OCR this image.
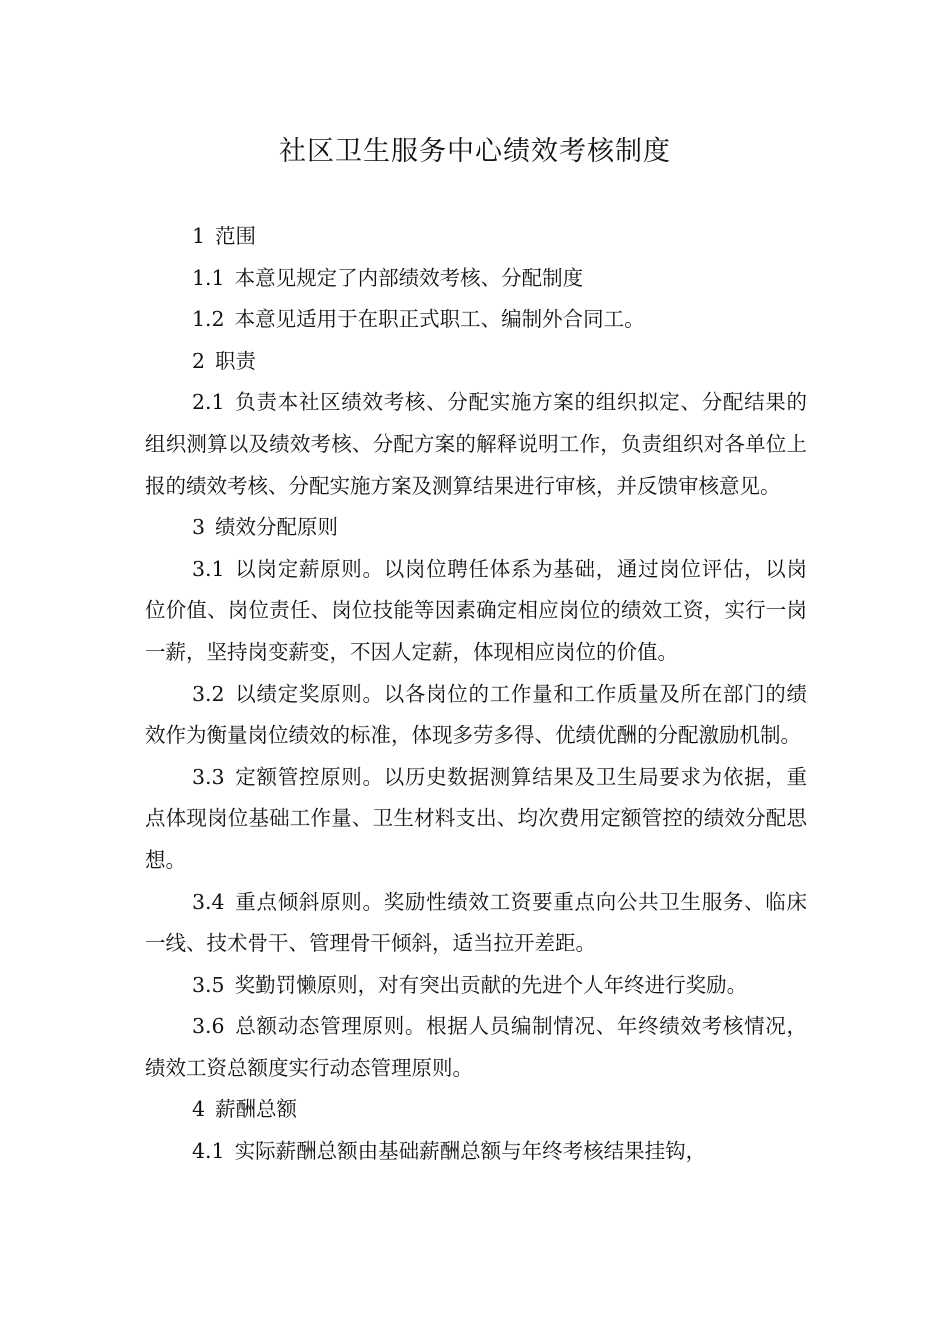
社区卫生服务中心绩效考核制度

1 范围

1.1 本意见规定了内部绩效考核、分配制度

1.2 本意见适用于在职正式职工、编制外合同工。

2 职责

2.1 负责本社区绩效考核、分配实施方案的组织拟定、分配结果的组织测算以及绩效考核、分配方案的解释说明工作，负责组织对各单位上报的绩效考核、分配实施方案及测算结果进行审核，并反馈审核意见。

3 绩效分配原则

3.1 以岗定薪原则。以岗位聘任体系为基础，通过岗位评估，以岗位价值、岗位责任、岗位技能等因素确定相应岗位的绩效工资，实行一岗一薪，坚持岗变薪变，不因人定薪，体现相应岗位的价值。

3.2 以绩定奖原则。以各岗位的工作量和工作质量及所在部门的绩效作为衡量岗位绩效的标准，体现多劳多得、优绩优酬的分配激励机制。

3.3 定额管控原则。以历史数据测算结果及卫生局要求为依据，重点体现岗位基础工作量、卫生材料支出、均次费用定额管控的绩效分配思想。

3.4 重点倾斜原则。奖励性绩效工资要重点向公共卫生服务、临床一线、技术骨干、管理骨干倾斜，适当拉开差距。

3.5 奖勤罚懒原则，对有突出贡献的先进个人年终进行奖励。

3.6 总额动态管理原则。根据人员编制情况、年终绩效考核情况，绩效工资总额度实行动态管理原则。

4 薪酬总额

4.1 实际薪酬总额由基础薪酬总额与年终考核结果挂钩，
